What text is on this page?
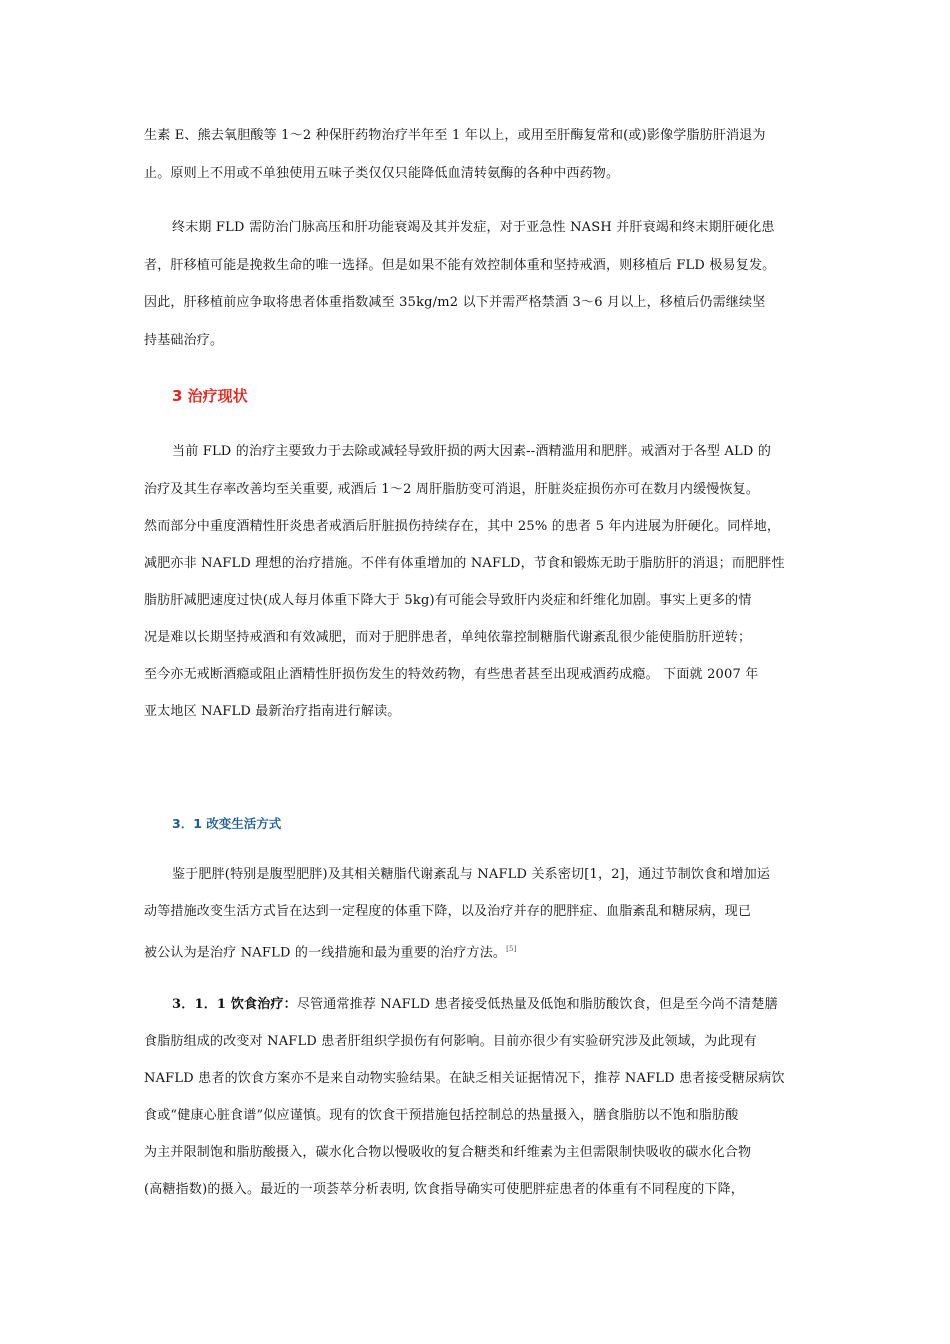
生素 E、熊去氧胆酸等 1～2 种保肝药物治疗半年至 1 年以上，或用至肝酶复常和(或)影像学脂肪肝消退为
止。原则上不用或不单独使用五味子类仅仅只能降低血清转氨酶的各种中西药物。
终末期 FLD 需防治门脉高压和肝功能衰竭及其并发症，对于亚急性 NASH 并肝衰竭和终末期肝硬化患
者，肝移植可能是挽救生命的唯一选择。但是如果不能有效控制体重和坚持戒酒，则移植后 FLD 极易复发。
因此，肝移植前应争取将患者体重指数减至 35kg/m2 以下并需严格禁酒 3～6 月以上，移植后仍需继续坚
持基础治疗。
3 治疗现状
当前 FLD 的治疗主要致力于去除或减轻导致肝损的两大因素--酒精滥用和肥胖。戒酒对于各型 ALD 的
治疗及其生存率改善均至关重要, 戒酒后 1～2 周肝脂肪变可消退，肝脏炎症损伤亦可在数月内缓慢恢复。
然而部分中重度酒精性肝炎患者戒酒后肝脏损伤持续存在，其中 25% 的患者 5 年内进展为肝硬化。同样地，
减肥亦非 NAFLD 理想的治疗措施。不伴有体重增加的 NAFLD，节食和锻炼无助于脂肪肝的消退；而肥胖性
脂肪肝减肥速度过快(成人每月体重下降大于 5kg)有可能会导致肝内炎症和纤维化加剧。事实上更多的情
况是难以长期坚持戒酒和有效减肥，而对于肥胖患者，单纯依靠控制糖脂代谢紊乱很少能使脂肪肝逆转；
至今亦无戒断酒瘾或阻止酒精性肝损伤发生的特效药物，有些患者甚至出现戒酒药成瘾。 下面就 2007 年
亚太地区 NAFLD 最新治疗指南进行解读。
3．1 改变生活方式
鉴于肥胖(特别是腹型肥胖)及其相关糖脂代谢紊乱与 NAFLD 关系密切[1，2]，通过节制饮食和增加运
动等措施改变生活方式旨在达到一定程度的体重下降，以及治疗并存的肥胖症、血脂紊乱和糖尿病，现已
被公认为是治疗 NAFLD 的一线措施和最为重要的治疗方法。[5]
3．1．1 饮食治疗：尽管通常推荐 NAFLD 患者接受低热量及低饱和脂肪酸饮食，但是至今尚不清楚膳
食脂肪组成的改变对 NAFLD 患者肝组织学损伤有何影响。目前亦很少有实验研究涉及此领域，为此现有
NAFLD 患者的饮食方案亦不是来自动物实验结果。在缺乏相关证据情况下，推荐 NAFLD 患者接受糖尿病饮
食或“健康心脏食谱”似应谨慎。现有的饮食干预措施包括控制总的热量摄入，膳食脂肪以不饱和脂肪酸
为主并限制饱和脂肪酸摄入，碳水化合物以慢吸收的复合糖类和纤维素为主但需限制快吸收的碳水化合物
(高糖指数)的摄入。最近的一项荟萃分析表明, 饮食指导确实可使肥胖症患者的体重有不同程度的下降，
